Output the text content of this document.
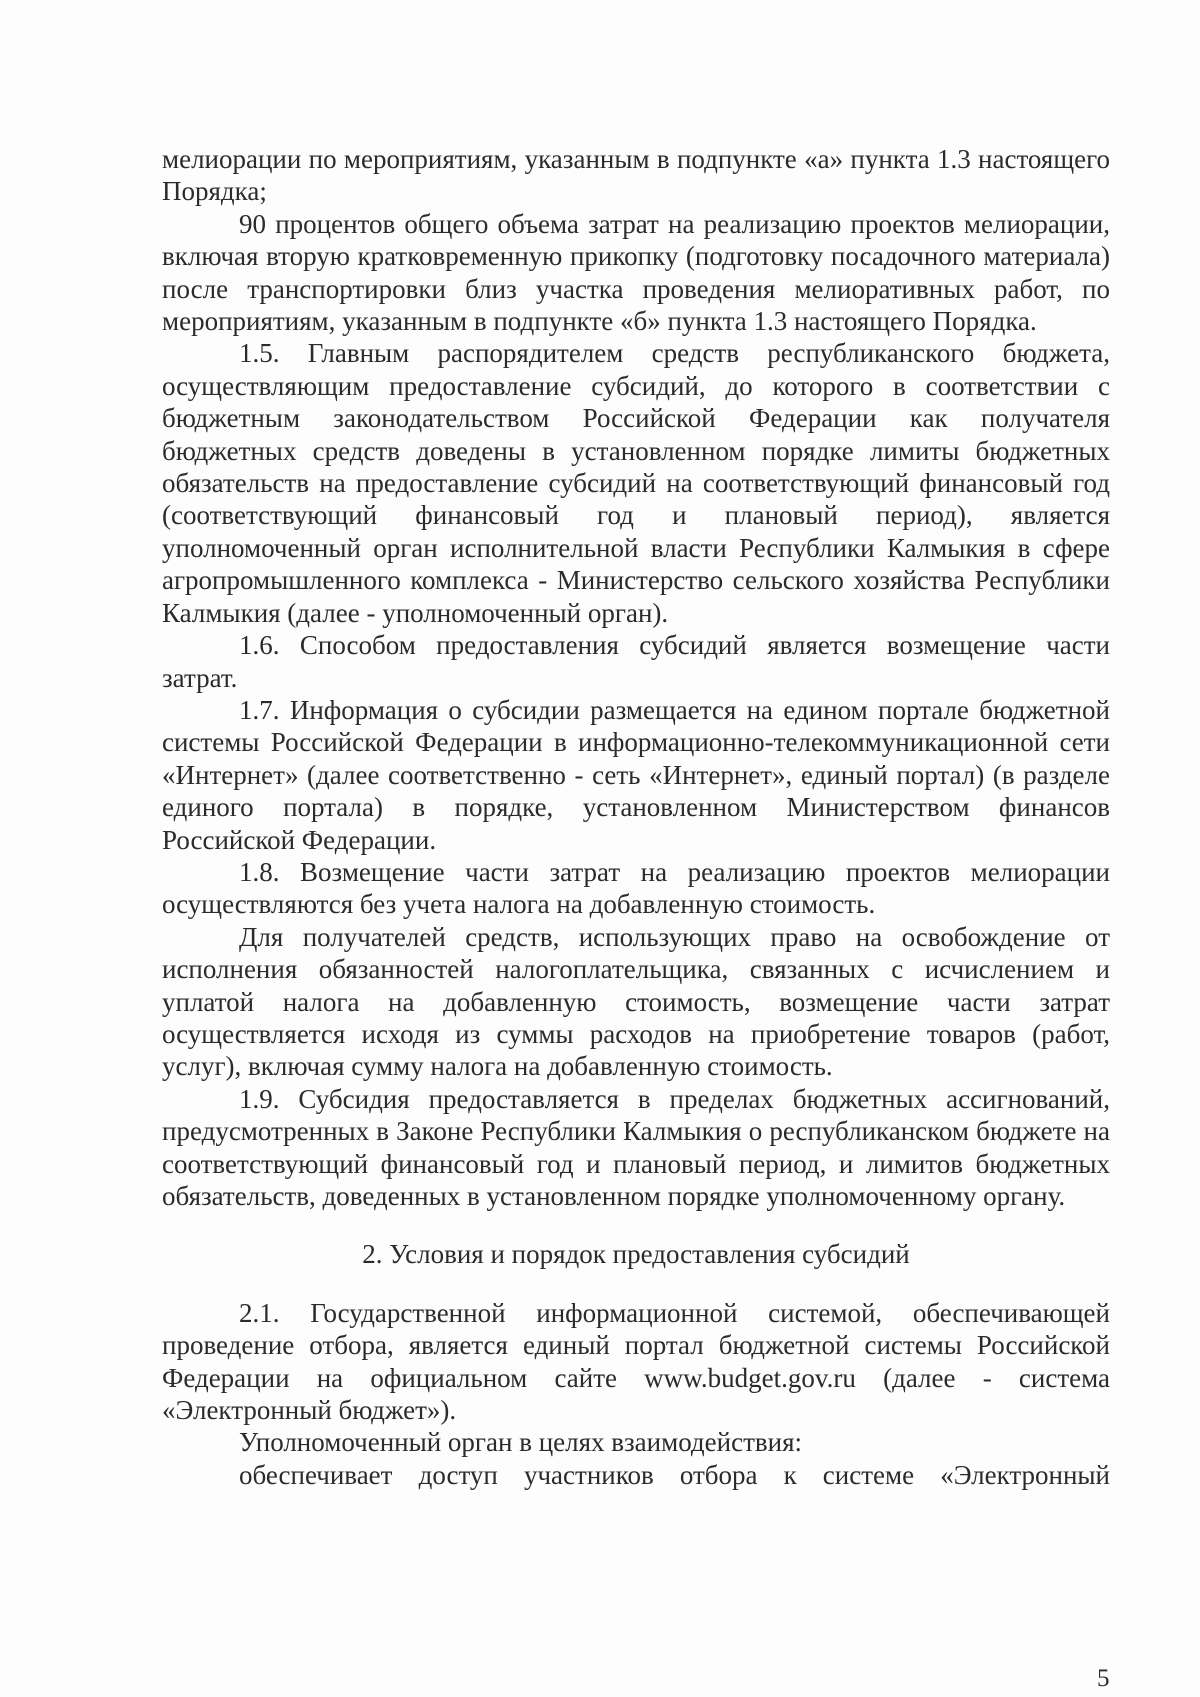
мелиорации по мероприятиям, указанным в подпункте «а» пункта 1.3 настоящего Порядка;

90 процентов общего объема затрат на реализацию проектов мелиорации, включая вторую кратковременную прикопку (подготовку посадочного материала) после транспортировки близ участка проведения мелиоративных работ, по мероприятиям, указанным в подпункте «б» пункта 1.3 настоящего Порядка.

1.5. Главным распорядителем средств республиканского бюджета, осуществляющим предоставление субсидий, до которого в соответствии с бюджетным законодательством Российской Федерации как получателя бюджетных средств доведены в установленном порядке лимиты бюджетных обязательств на предоставление субсидий на соответствующий финансовый год (соответствующий финансовый год и плановый период), является уполномоченный орган исполнительной власти Республики Калмыкия в сфере агропромышленного комплекса - Министерство сельского хозяйства Республики Калмыкия (далее - уполномоченный орган).

1.6. Способом предоставления субсидий является возмещение части затрат.

1.7. Информация о субсидии размещается на едином портале бюджетной системы Российской Федерации в информационно-телекоммуникационной сети «Интернет» (далее соответственно - сеть «Интернет», единый портал) (в разделе единого портала) в порядке, установленном Министерством финансов Российской Федерации.

1.8. Возмещение части затрат на реализацию проектов мелиорации осуществляются без учета налога на добавленную стоимость.

Для получателей средств, использующих право на освобождение от исполнения обязанностей налогоплательщика, связанных с исчислением и уплатой налога на добавленную стоимость, возмещение части затрат осуществляется исходя из суммы расходов на приобретение товаров (работ, услуг), включая сумму налога на добавленную стоимость.

1.9. Субсидия предоставляется в пределах бюджетных ассигнований, предусмотренных в Законе Республики Калмыкия о республиканском бюджете на соответствующий финансовый год и плановый период, и лимитов бюджетных обязательств, доведенных в установленном порядке уполномоченному органу.

2. Условия и порядок предоставления субсидий

2.1. Государственной информационной системой, обеспечивающей проведение отбора, является единый портал бюджетной системы Российской Федерации на официальном сайте www.budget.gov.ru (далее - система «Электронный бюджет»).

Уполномоченный орган в целях взаимодействия:

обеспечивает доступ участников отбора к системе «Электронный

5
